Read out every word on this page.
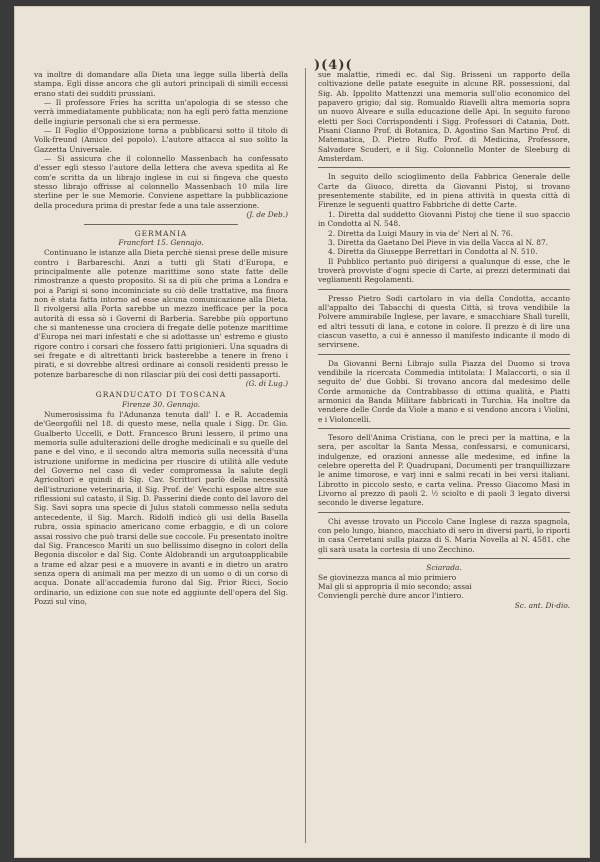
)(4)(

va inoltre di domandare alla Dieta una legge sulla libertà della stampa. Egli disse ancora che gli autori principali di simili eccessi erano stati dei sudditi prussiani.

— Il professore Fries ha scritta un'apologia di se stesso che verrà immediatamente pubblicata; non ha egli però fatta menzione delle ingiurie personali che si era permesse.

— Il Foglio d'Opposizione torna a pubblicarsi sotto il titolo di Volk-freund (Amico del popolo). L'autore attacca al suo solito la Gazzetta Universale.

— Si assicura che il colonnello Massenbach ha confessato d'esser egli stesso l'autore della lettera che aveva spedita al Re com'e scritta da un librajo inglese in cui si fingeva che questo stesso librajo offrisse al colonnello Massenbach 10 mila lire sterline per le sue Memorie. Conviene aspettare la pubblicazione della procedura prima di prestar fede a una tale asserzione.

(J. de Deb.)
GERMANIA
Francfort 15. Gennajo.

Continuano le istanze alla Dieta perchè siensi prese delle misure contro i Barbareschi. Anzi a tutti gli Stati d'Europa, e principalmente alle potenze marittime sono state fatte delle rimostranze a questo proposito. Si sa di più che prima a Londra e poi a Parigi si sono incominciate su ciò delle trattative, ma finora non è stata fatta intorno ad esse alcuna comunicazione alla Dieta. Il rivolgersi alla Porta sarebbe un mezzo inefficace per la poca autorità di essa sò i Governi di Barberia. Sarebbe più opportuno che si mantenesse una crociera di fregate delle potenze marittime d'Europa nei mari infestati e che si adottasse un' estremo e giusto rigore contro i corsari che fossero fatti prigionieri. Una squadra di sei fregate e di altrettanti brick basterebbe a tenere in freno i pirati, e si dovrebbe altresì ordinare ai consoli residenti presso le potenze barbaresche di non rilasciar più dei così detti passaporti.

(G. di Lug.)
GRANDUCATO DI TOSCANA
Firenze 30. Gennajo.

Numerosissima fu l'Adunanza tenuta dall' I. e R. Accademia de'Georgofili nel 18. di questo mese, nella quale i Sigg. Dr. Gio. Gualberto Uccelli, e Dott. Francesco Bruni lessero, il primo una memoria sulle adulterazioni delle droghe medicinali e su quelle del pane e del vino, e il secondo altra memoria sulla necessità d'una istruzione uniforme in medicina per riuscire di utilità alle vedute del Governo nel caso di veder compromessa la salute degli Agricoltori e quindi di Sig. Cav. Scrittori parlò della necessità dell'istruzione veterinaria, il Sig. Prof. de' Vecchi espose altre sue riflessioni sul catasto, il Sig. D. Passerini diede conto del lavoro del Sig. Savi sopra una specie di Julus statoli commesso nella seduta antecedente, il Sig. March. Ridolfi indicò gli usi della Basella rubra, ossia spinacio americano come erbaggio, e di un colore assai rossivo che può trarsi delle sue coccole. Fu presentato inoltre dal Sig. Francesco Mariti un suo bellissimo disegno in colori della Begonia discolor e dal Sig. Conte Aldobrandi un argutoapplicabile a trame ed alzar pesi e a muovere in avanti e in dietro un aratro senza opera di animali ma per mezzo di un uomo o di un corso di acqua. Donate all'accademia furono dal Sig. Prior Ricci, Socio ordinario, un edizione con sue note ed aggiunte dell'opera del Sig. Pozzi sul vino,

sue malattie, rimedi ec. dal Sig. Brisseni un rapporto della coltivazione delle patate eseguite in alcune RR. possessioni, dal Sig. Ab. Ippolito Mattenzzi una memoria sull'olio economico del papavero grigio; dal sig. Romualdo Riavelli altra memoria sopra un nuovo Alveare e sulla educazione delle Api. In seguito furono eletti per Soci Corrispondenti i Sigg. Professori di Catania, Dott. Pisani Cianno Prof. di Botanica, D. Agostino San Martino Prof. di Matematica, D. Pietro Ruffo Prof. di Medicina, Professore, Salvadore Scuderi, e il Sig. Colonnello Monter de Sleeburg di Amsterdam.

In seguito dello scioglimento della Fabbrica Generale delle Carte da Giuoco, diretta da Giovanni Pistoj, si trovano presentemente stabilite, ed in piena attività in questa città di Firenze le seguenti quattro Fabbriche di dette Carte.

1. Diretta dal suddetto Giovanni Pistoj che tiene il suo spaccio in Condotta al N. 548.

2. Diretta da Luigi Maury in via de' Neri al N. 76.

3. Diretta da Gaetano Del Pieve in via della Vacca al N. 87.

4. Diretta da Giuseppe Berrettari in Condotta al N. 510.

Il Pubblico pertanto può dirigersi a qualunque di esse, che le troverà provviste d'ogni specie di Carte, ai prezzi determinati dai vegliamenti Regolamenti.

Presso Pietro Sodi cartolaro in via della Condotta, accanto all'appalto dei Tabacchi di questa Città, si trova vendibile la Polvere ammirabile Inglese, per lavare, e smacchiare Shall turelli, ed altri tessuti di lana, e cotone in colore. Il prezzo è di lire una ciascun vasetto, a cui è annesso il manifesto indicante il modo di servirsene.

Da Giovanni Berni Librajo sulla Piazza del Duomo si trova vendibile la ricercata Commedia intitolata: I Malaccorti, o sia il seguito de' due Gobbi. Si trovano ancora dal medesimo delle Corde armoniche da Contrabbasso di ottima qualità, e Piatti armonici da Banda Militare fabbricati in Turchia. Ha inoltre da vendere delle Corde da Viole a mano e si vendono ancora i Violini, e i Violoncelli.

Tesoro dell'Anima Cristiana, con le preci per la mattina, e la sera, per ascoltar la Santa Messa, confessarsi, e comunicarsi, indulgenze, ed orazioni annesse alle medesime, ed infine la celebre operetta del P. Quadrupani, Documenti per tranquillizzare le anime timorose, e varj inni e salmi recati in bei versi italiani. Librotto in piccolo sesto, e carta velina. Presso Giacomo Masi in Livorno al prezzo di paoli 2. ½ sciolto e di paoli 3 legato diversi secondo le diverse legature.

Chi avesse trovato un Piccolo Cane Inglese di razza spagnola, con pelo lungo, bianco, macchiato di sero in diversi parti, lo riporti in casa Cerretani sulla piazza di S. Maria Novella al N. 4581. che gli sarà usata la cortesia di uno Zecchino.

Sciarada.
Se giovinezza manca al mio primiero
Mal gli si appropria il mio secondo; assai
Conviengli perchè dure ancor l'intiero.
Sc. ant. Di-dio.
